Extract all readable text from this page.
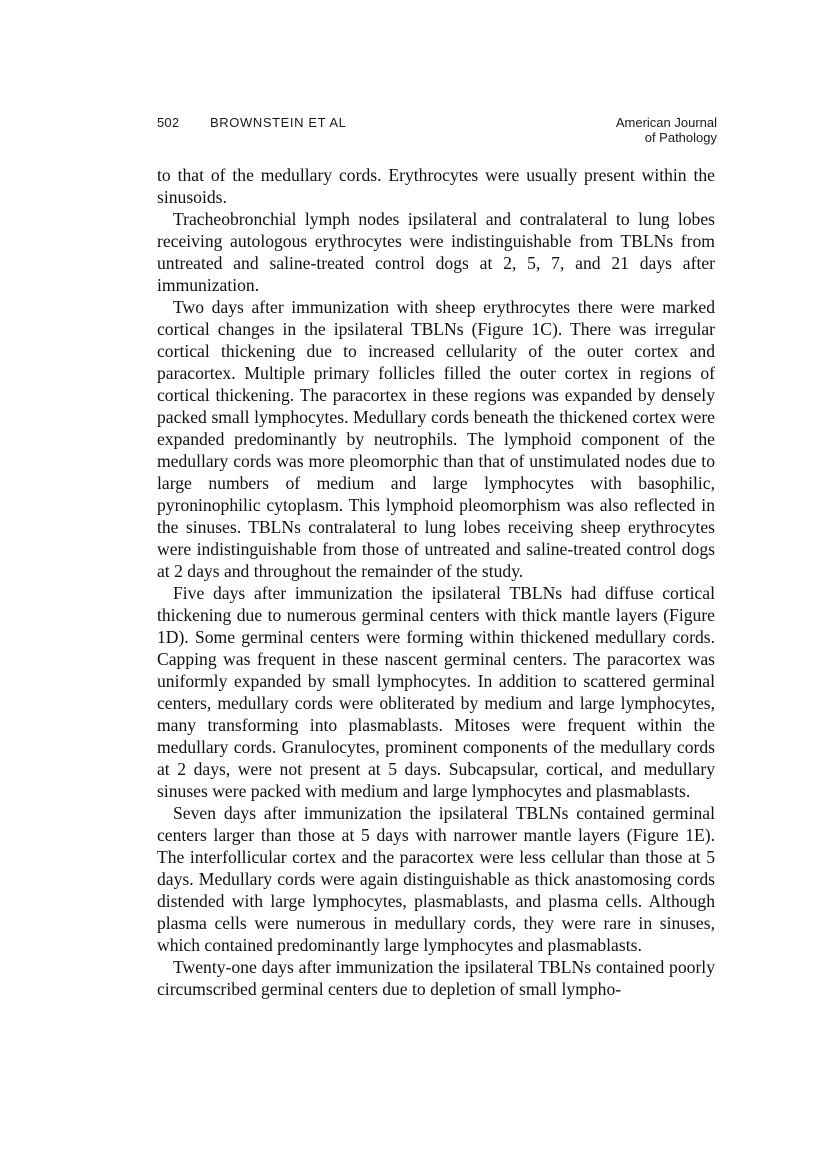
502 BROWNSTEIN ET AL	American Journal
of Pathology

to that of the medullary cords. Erythrocytes were usually present within the sinusoids.

Tracheobronchial lymph nodes ipsilateral and contralateral to lung lobes receiving autologous erythrocytes were indistinguishable from TBLNs from untreated and saline-treated control dogs at 2, 5, 7, and 21 days after immunization.

Two days after immunization with sheep erythrocytes there were marked cortical changes in the ipsilateral TBLNs (Figure 1C). There was irregular cortical thickening due to increased cellularity of the outer cortex and paracortex. Multiple primary follicles filled the outer cortex in regions of cortical thickening. The paracortex in these regions was expanded by densely packed small lymphocytes. Medullary cords beneath the thickened cortex were expanded predominantly by neutrophils. The lymphoid component of the medullary cords was more pleomorphic than that of unstimulated nodes due to large numbers of medium and large lymphocytes with basophilic, pyroninophilic cytoplasm. This lymphoid pleomorphism was also reflected in the sinuses. TBLNs contralateral to lung lobes receiving sheep erythrocytes were indistinguishable from those of untreated and saline-treated control dogs at 2 days and throughout the remainder of the study.

Five days after immunization the ipsilateral TBLNs had diffuse cortical thickening due to numerous germinal centers with thick mantle layers (Figure 1D). Some germinal centers were forming within thickened medullary cords. Capping was frequent in these nascent germinal centers. The paracortex was uniformly expanded by small lymphocytes. In addition to scattered germinal centers, medullary cords were obliterated by medium and large lymphocytes, many transforming into plasmablasts. Mitoses were frequent within the medullary cords. Granulocytes, prominent components of the medullary cords at 2 days, were not present at 5 days. Subcapsular, cortical, and medullary sinuses were packed with medium and large lymphocytes and plasmablasts.

Seven days after immunization the ipsilateral TBLNs contained germinal centers larger than those at 5 days with narrower mantle layers (Figure 1E). The interfollicular cortex and the paracortex were less cellular than those at 5 days. Medullary cords were again distinguishable as thick anastomosing cords distended with large lymphocytes, plasmablasts, and plasma cells. Although plasma cells were numerous in medullary cords, they were rare in sinuses, which contained predominantly large lymphocytes and plasmablasts.

Twenty-one days after immunization the ipsilateral TBLNs contained poorly circumscribed germinal centers due to depletion of small lympho-
